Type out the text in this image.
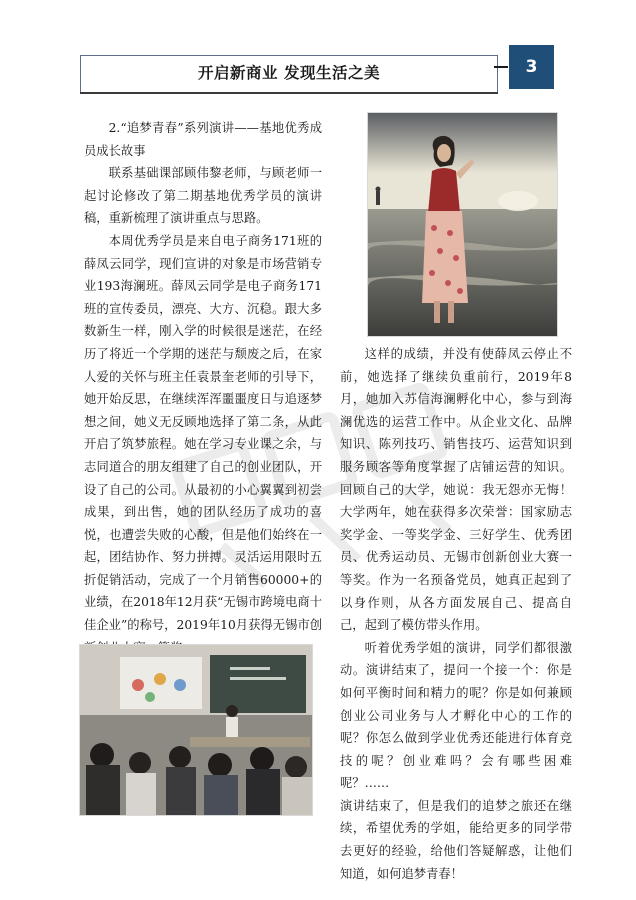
开启新商业 发现生活之美	3

2.“追梦青春”系列演讲——基地优秀成员成长故事

联系基础课部顾伟黎老师，与顾老师一起讨论修改了第二期基地优秀学员的演讲稿，重新梳理了演讲重点与思路。

本周优秀学员是来自电子商务171班的薛凤云同学，现们宣讲的对象是市场营销专业193海澜班。薛凤云同学是电子商务171班的宣传委员，漂亮、大方、沉稳。跟大多数新生一样，刚入学的时候很是迷茫，在经历了将近一个学期的迷茫与颓废之后，在家人爱的关怀与班主任袁景奎老师的引导下，她开始反思，在继续浑浑噩噩度日与追逐梦想之间，她义无反顾地选择了第二条，从此开启了筑梦旅程。她在学习专业课之余，与志同道合的朋友组建了自己的创业团队，开设了自己的公司。从最初的小心翼翼到初尝成果，到出售，她的团队经历了成功的喜悦，也遭尝失败的心酸，但是他们始终在一起，团结协作、努力拼搏。灵活运用限时五折促销活动，完成了一个月销售60000+的业绩，在2018年12月获“无锡市跨境电商十佳企业”的称号，2019年10月获得无锡市创

这样的成绩，并没有使薛凤云停止不前，她选择了继续负重前行，2019年8月，她加入苏信海澜孵化中心，参与到海澜优选的运营工作中。从企业文化、品牌知识、陈列技巧、销售技巧、运营知识到服务顾客等角度掌握了店铺运营的知识。回顾自己的大学，她说：我无怨亦无悔！大学两年，她在获得多次荣誉：国家励志奖学金、一等奖学金、三好学生、优秀团员、优秀运动员、无锡市创新创业大赛一等奖。作为一名预备党员，她真正起到了以身作则，从各方面发展自己、提高自己，起到了模仿带头作用。

听着优秀学姐的演讲，同学们都很激动。演讲结束了，提问一个接一个：你是如何平衡时间和精力的呢？你是如何兼顾创业公司业务与人才孵化中心的工作的呢？你怎么做到学业优秀还能进行体育竞技的呢？创业难吗？会有哪些困难呢？……

演讲结束了，但是我们的追梦之旅还在继续，希望优秀的学姐，能给更多的同学带去更好的经验，给他们答疑解惑，让他们知道，如何追梦青春！
